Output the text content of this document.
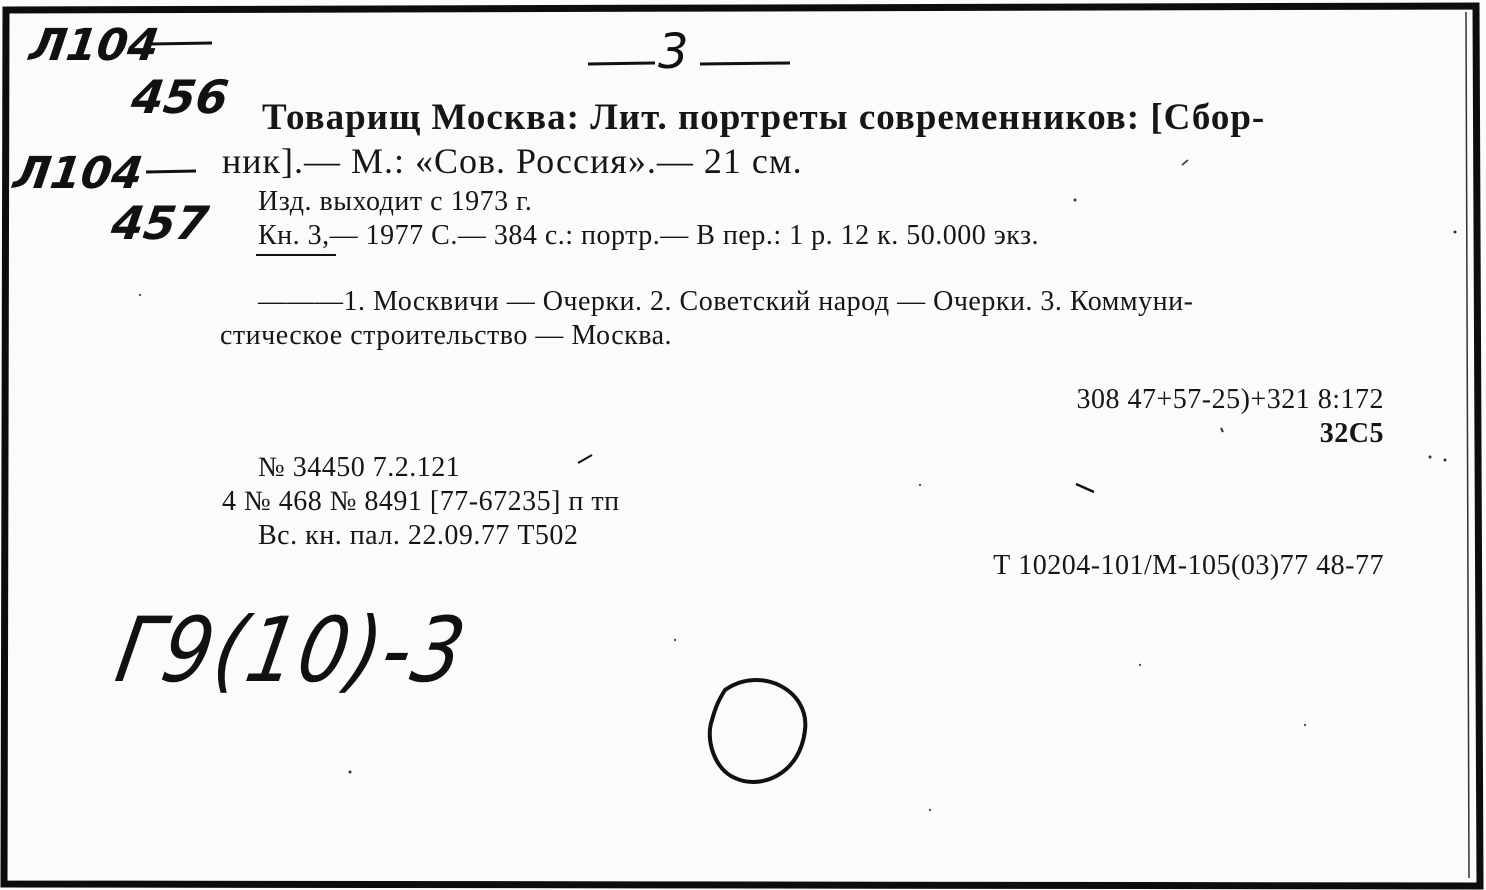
Л104
456
Л104
457
3
Товарищ Москва: Лит. портреты современников: [Сбор-
ник].— М.: «Сов. Россия».— 21 см.
Изд. выходит с 1973 г.
Кн. 3,— 1977 С.— 384 с.: портр.— В пер.: 1 р. 12 к. 50.000 экз.
———1. Москвичи — Очерки. 2. Советский народ — Очерки. 3. Коммуни-
стическое строительство — Москва.
308 47+57-25)+321 8:172
32С5
№ 34450 7.2.121
4 № 468 № 8491 [77-67235] п тп
Вс. кн. пал. 22.09.77 Т502
Т 10204-101/М-105(03)77 48-77
Г9(10)-3
